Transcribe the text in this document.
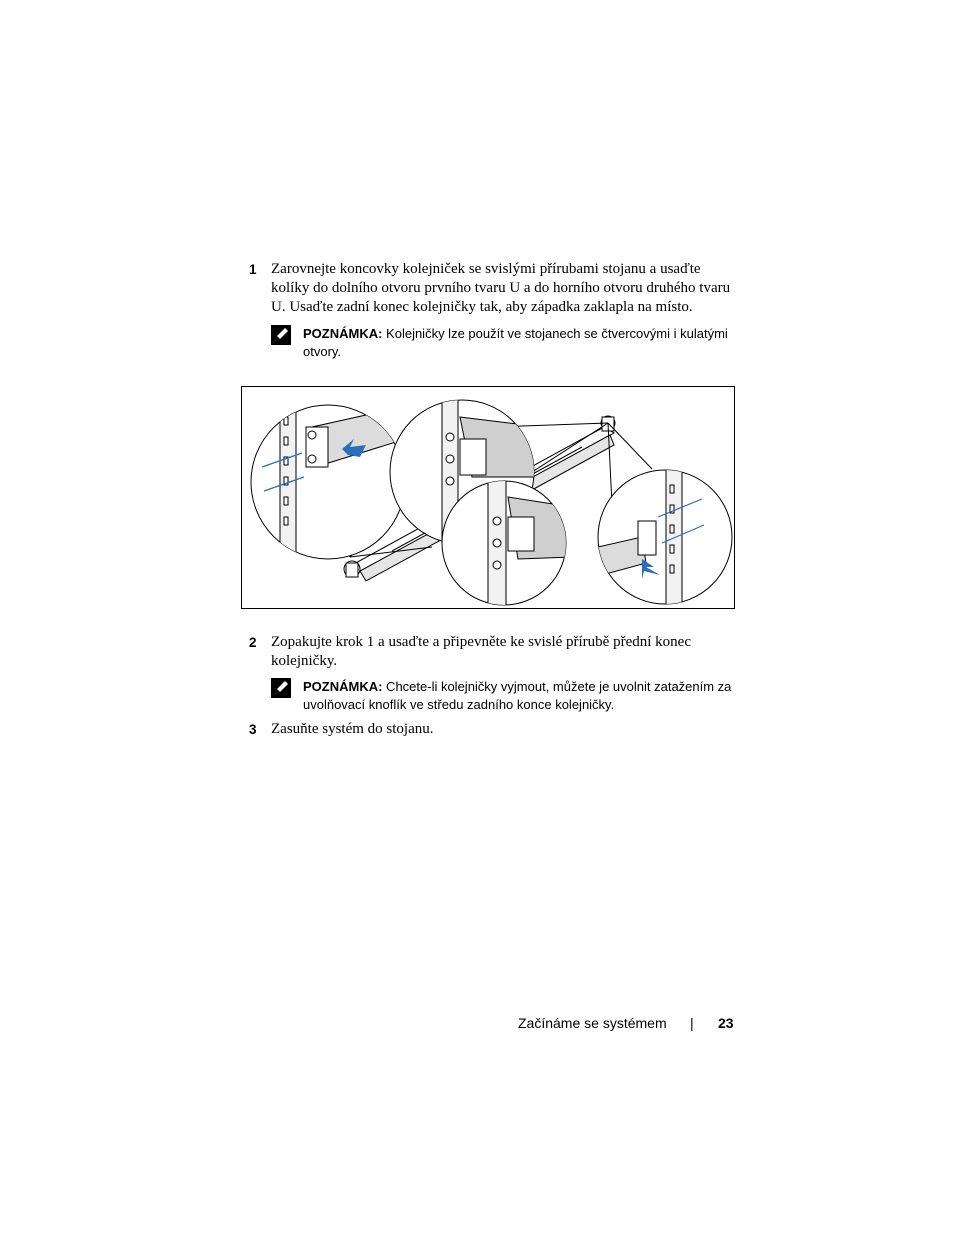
1 Zarovnejte koncovky kolejniček se svislými přírubami stojanu a usaďte kolíky do dolního otvoru prvního tvaru U a do horního otvoru druhého tvaru U. Usaďte zadní konec kolejničky tak, aby západka zaklapla na místo.
POZNÁMKA: Kolejničky lze použít ve stojanech se čtvercovými i kulatými otvory.
2 Zopakujte krok 1 a usaďte a připevněte ke svislé přírubě přední konec kolejničky.
POZNÁMKA: Chcete-li kolejničky vyjmout, můžete je uvolnit zatažením za uvolňovací knoflík ve středu zadního konce kolejničky.
3 Zasuňte systém do stojanu.
Začínáme se systémem | 23
